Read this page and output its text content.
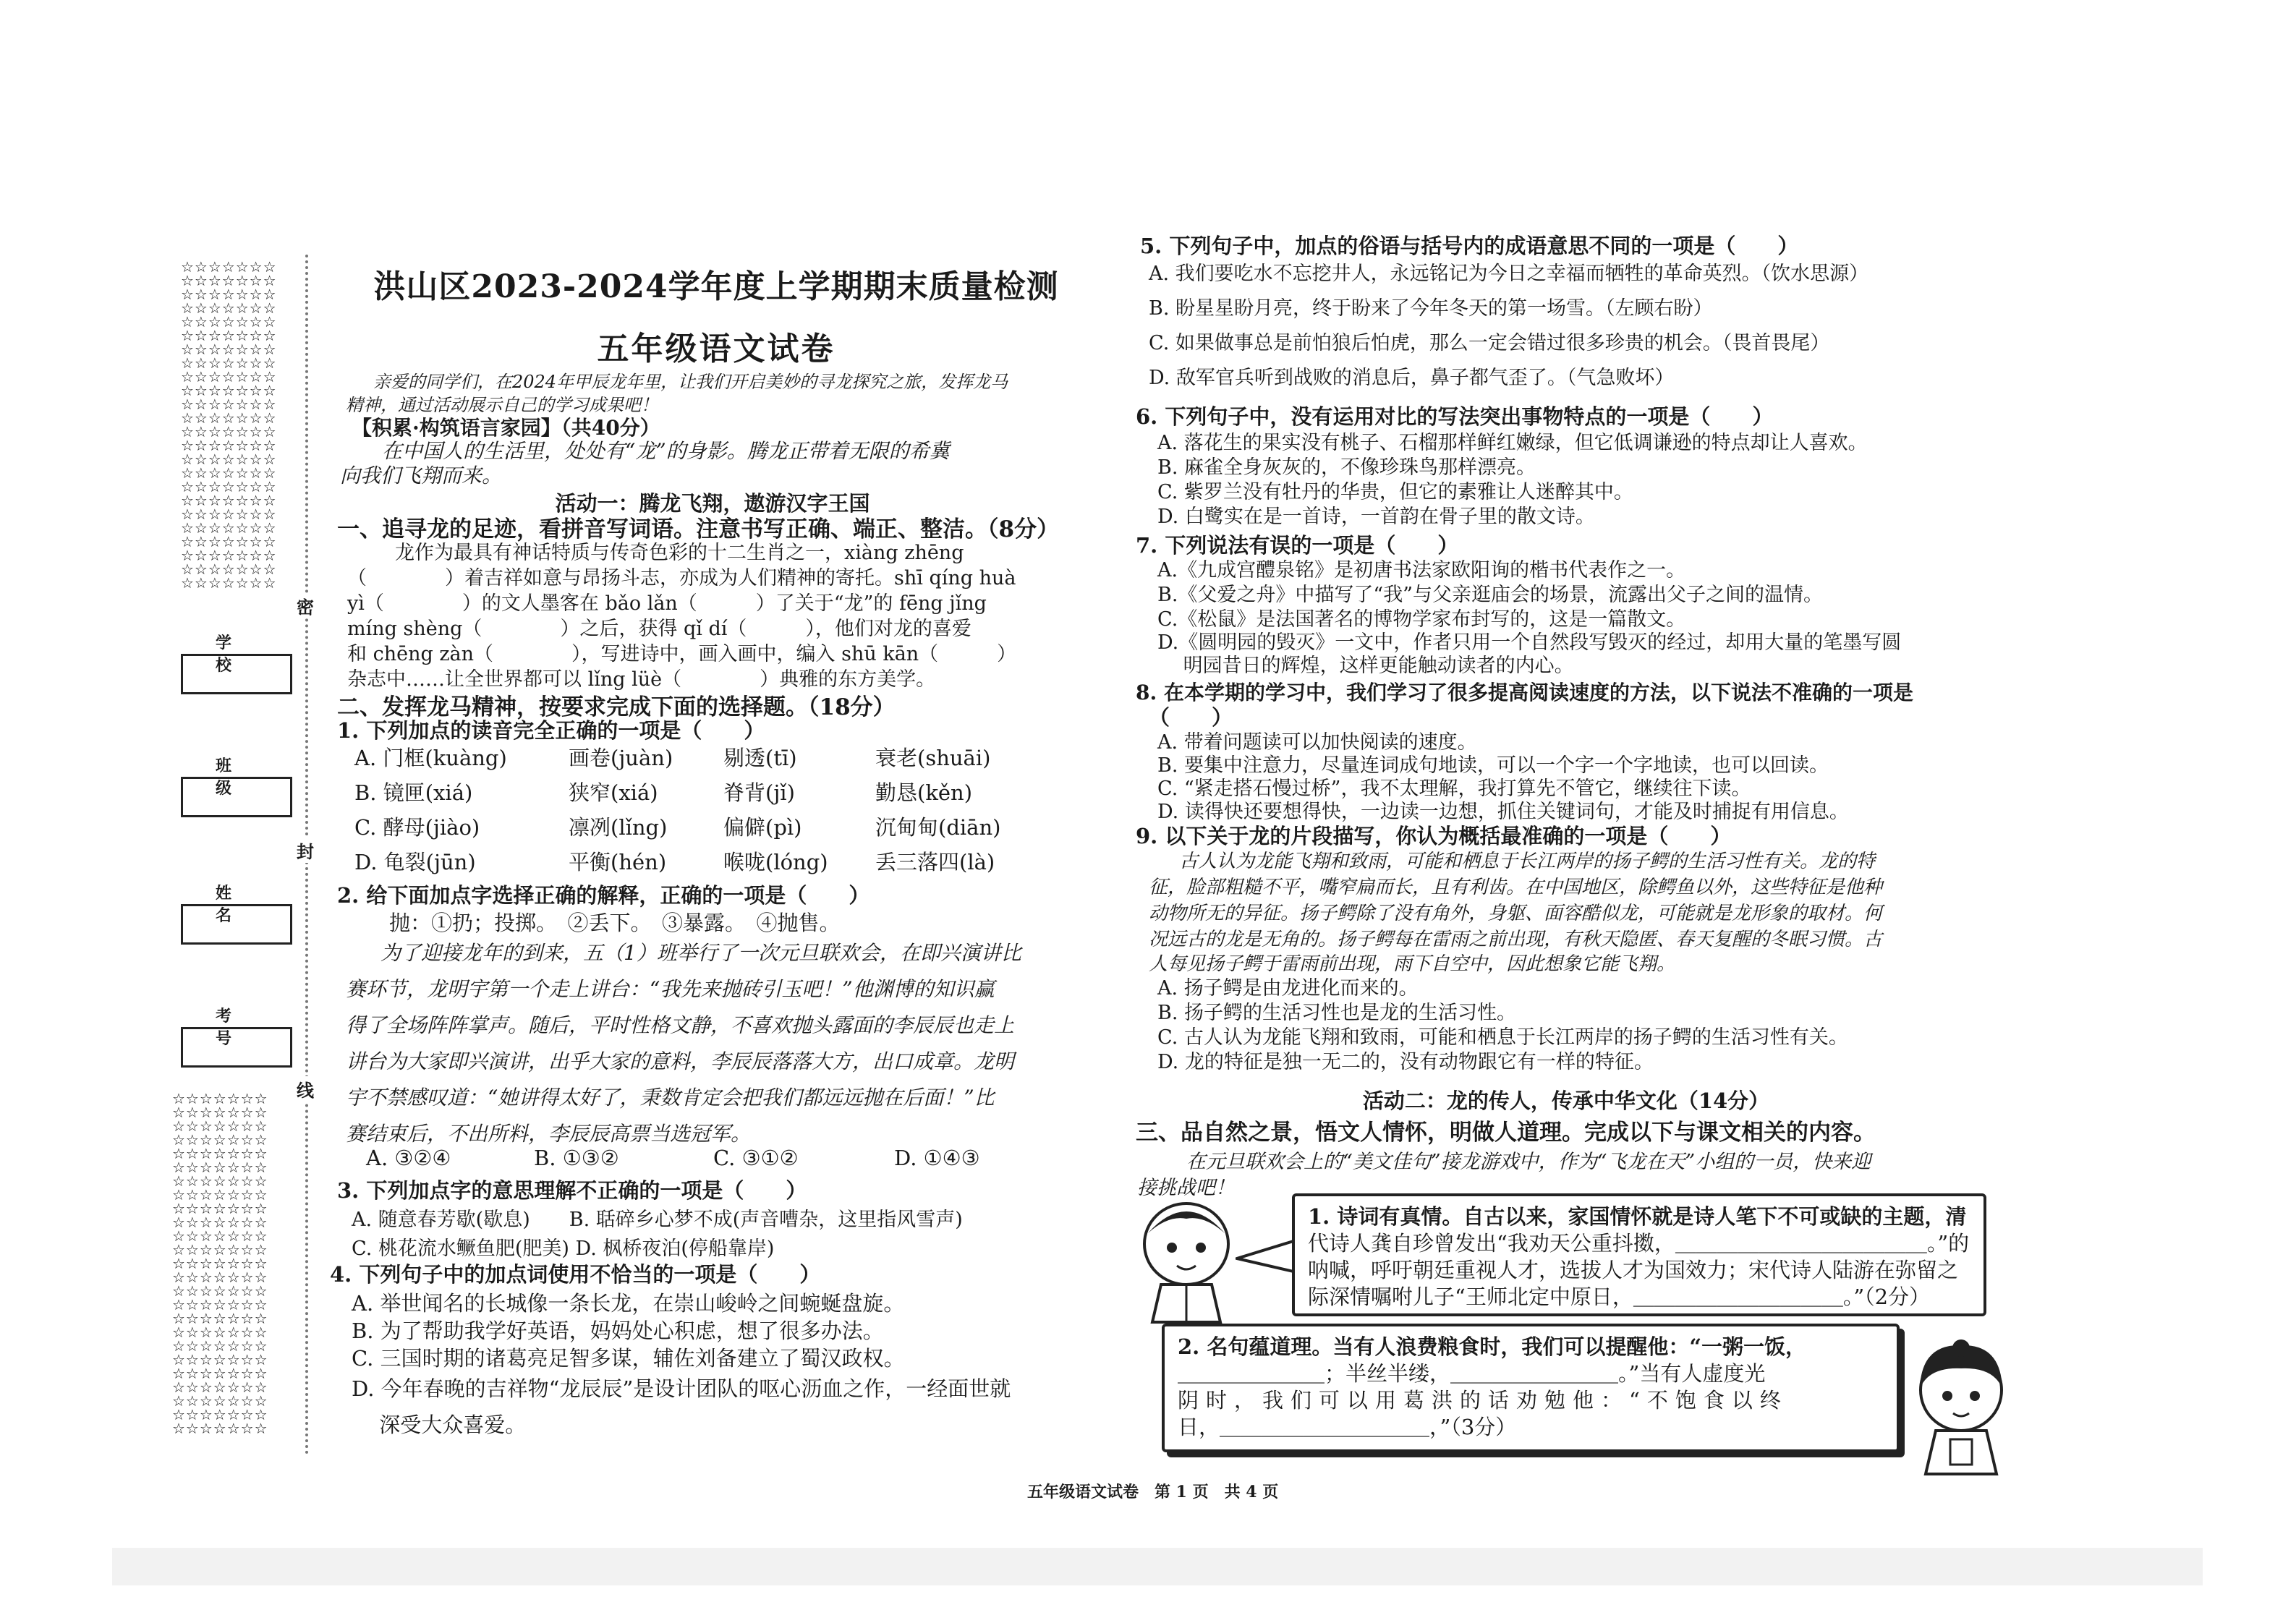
☆☆☆☆☆☆☆
☆☆☆☆☆☆☆
☆☆☆☆☆☆☆
☆☆☆☆☆☆☆
☆☆☆☆☆☆☆
☆☆☆☆☆☆☆
☆☆☆☆☆☆☆
☆☆☆☆☆☆☆
☆☆☆☆☆☆☆
☆☆☆☆☆☆☆
☆☆☆☆☆☆☆
☆☆☆☆☆☆☆
☆☆☆☆☆☆☆
☆☆☆☆☆☆☆
☆☆☆☆☆☆☆
☆☆☆☆☆☆☆
☆☆☆☆☆☆☆
☆☆☆☆☆☆☆
☆☆☆☆☆☆☆
☆☆☆☆☆☆☆
☆☆☆☆☆☆☆
☆☆☆☆☆☆☆
☆☆☆☆☆☆☆
☆☆☆☆☆☆☆
☆☆☆☆☆☆☆
☆☆☆☆☆☆☆
☆☆☆☆☆☆☆
☆☆☆☆☆☆☆
☆☆☆☆☆☆☆
☆☆☆☆☆☆☆
☆☆☆☆☆☆☆
☆☆☆☆☆☆☆
☆☆☆☆☆☆☆
☆☆☆☆☆☆☆
☆☆☆☆☆☆☆
☆☆☆☆☆☆☆
☆☆☆☆☆☆☆
☆☆☆☆☆☆☆
☆☆☆☆☆☆☆
☆☆☆☆☆☆☆
☆☆☆☆☆☆☆
☆☆☆☆☆☆☆
☆☆☆☆☆☆☆
☆☆☆☆☆☆☆
☆☆☆☆☆☆☆
☆☆☆☆☆☆☆
☆☆☆☆☆☆☆
☆☆☆☆☆☆☆
☆☆☆☆☆☆☆
密
封
线
学 校
班 级
姓 名
考 号
洪山区2023-2024学年度上学期期末质量检测
五年级语文试卷
亲爱的同学们，在2024年甲辰龙年里，让我们开启美妙的寻龙探究之旅，发挥龙马
精神，通过活动展示自己的学习成果吧！
【积累·构筑语言家园】（共40分）
在中国人的生活里，处处有“龙”的身影。腾龙正带着无限的希冀
向我们飞翔而来。
活动一：腾龙飞翔，遨游汉字王国
一、追寻龙的足迹，看拼音写词语。注意书写正确、端正、整洁。（8分）
龙作为最具有神话特质与传奇色彩的十二生肖之一，xiàng zhēng
（　　　　）着吉祥如意与昂扬斗志，亦成为人们精神的寄托。shī qíng huà
yì（　　　　）的文人墨客在 bǎo lǎn（　　　）了关于“龙”的 fēng jǐng
míng shèng（　　　　）之后，获得 qǐ dí（　　　），他们对龙的喜爱
和 chēng zàn（　　　　），写进诗中，画入画中，编入 shū kān（　　　）
杂志中……让全世界都可以 lǐng lüè（　　　　）典雅的东方美学。
二、发挥龙马精神，按要求完成下面的选择题。（18分）
1. 下列加点的读音完全正确的一项是（　　）
A. 门框(kuàng)	画卷(juàn) 剔透(tī)	衰老(shuāi)
B. 镜匣(xiá)	狭窄(xiá)	脊背(jǐ)	勤恳(kěn)
C. 酵母(jiào)	凛冽(lǐng)	偏僻(pì)	沉甸甸(diān)
D. 龟裂(jūn)	平衡(hén)	喉咙(lóng) 丢三落四(là)
2. 给下面加点字选择正确的解释，正确的一项是（　　）
抛：①扔；投掷。　②丢下。　③暴露。　④抛售。
为了迎接龙年的到来，五（1）班举行了一次元旦联欢会，在即兴演讲比
赛环节，龙明宇第一个走上讲台：“我先来抛砖引玉吧！”他渊博的知识赢
得了全场阵阵掌声。随后，平时性格文静，不喜欢抛头露面的李辰辰也走上
讲台为大家即兴演讲，出乎大家的意料，李辰辰落落大方，出口成章。龙明
宇不禁感叹道：“她讲得太好了，秉数肯定会把我们都远远抛在后面！”比
赛结束后，不出所料，李辰辰高票当选冠军。
A. ③②④	B. ①③②	C. ③①②	D. ①④③
3. 下列加点字的意思理解不正确的一项是（　　）
A. 随意春芳歇(歇息)　　B. 聒碎乡心梦不成(声音嘈杂，这里指风雪声)
C. 桃花流水鳜鱼肥(肥美) D. 枫桥夜泊(停船靠岸)
4. 下列句子中的加点词使用不恰当的一项是（　　）
A. 举世闻名的长城像一条长龙，在崇山峻岭之间蜿蜒盘旋。
B. 为了帮助我学好英语，妈妈处心积虑，想了很多办法。
C. 三国时期的诸葛亮足智多谋，辅佐刘备建立了蜀汉政权。
D. 今年春晚的吉祥物“龙辰辰”是设计团队的呕心沥血之作，一经面世就
　 深受大众喜爱。
5. 下列句子中，加点的俗语与括号内的成语意思不同的一项是（　　）
A. 我们要吃水不忘挖井人，永远铭记为今日之幸福而牺牲的革命英烈。（饮水思源）
B. 盼星星盼月亮，终于盼来了今年冬天的第一场雪。（左顾右盼）
C. 如果做事总是前怕狼后怕虎，那么一定会错过很多珍贵的机会。（畏首畏尾）
D. 敌军官兵听到战败的消息后，鼻子都气歪了。（气急败坏）
6. 下列句子中，没有运用对比的写法突出事物特点的一项是（　　）
A. 落花生的果实没有桃子、石榴那样鲜红嫩绿，但它低调谦逊的特点却让人喜欢。
B. 麻雀全身灰灰的，不像珍珠鸟那样漂亮。
C. 紫罗兰没有牡丹的华贵，但它的素雅让人迷醉其中。
D. 白鹭实在是一首诗，一首韵在骨子里的散文诗。
7. 下列说法有误的一项是（　　）
A.《九成宫醴泉铭》是初唐书法家欧阳询的楷书代表作之一。
B.《父爱之舟》中描写了“我”与父亲逛庙会的场景，流露出父子之间的温情。
C.《松鼠》是法国著名的博物学家布封写的，这是一篇散文。
D.《圆明园的毁灭》一文中，作者只用一个自然段写毁灭的经过，却用大量的笔墨写圆
　 明园昔日的辉煌，这样更能触动读者的内心。
8. 在本学期的学习中，我们学习了很多提高阅读速度的方法，以下说法不准确的一项是
（　　）
A. 带着问题读可以加快阅读的速度。
B. 要集中注意力，尽量连词成句地读，可以一个字一个字地读，也可以回读。
C. “紧走搭石慢过桥”，我不太理解，我打算先不管它，继续往下读。
D. 读得快还要想得快，一边读一边想，抓住关键词句，才能及时捕捉有用信息。
9. 以下关于龙的片段描写，你认为概括最准确的一项是（　　）
古人认为龙能飞翔和致雨，可能和栖息于长江两岸的扬子鳄的生活习性有关。龙的特
征，脸部粗糙不平，嘴窄扁而长，且有利齿。在中国地区，除鳄鱼以外，这些特征是他种
动物所无的异征。扬子鳄除了没有角外，身躯、面容酷似龙，可能就是龙形象的取材。何
况远古的龙是无角的。扬子鳄每在雷雨之前出现，有秋天隐匿、春天复醒的冬眠习惯。古
人每见扬子鳄于雷雨前出现，雨下自空中，因此想象它能飞翔。
A. 扬子鳄是由龙进化而来的。
B. 扬子鳄的生活习性也是龙的生活习性。
C. 古人认为龙能飞翔和致雨，可能和栖息于长江两岸的扬子鳄的生活习性有关。
D. 龙的特征是独一无二的，没有动物跟它有一样的特征。
活动二：龙的传人，传承中华文化（14分）
三、品自然之景，悟文人情怀，明做人道理。完成以下与课文相关的内容。
在元旦联欢会上的“美文佳句”接龙游戏中，作为“飞龙在天”小组的一员，快来迎
接挑战吧！
1. 诗词有真情。自古以来，家国情怀就是诗人笔下不可或缺的主题，清
代诗人龚自珍曾发出“我劝天公重抖擞，＿＿＿＿＿＿＿＿＿＿＿＿。”的
呐喊，呼吁朝廷重视人才，选拔人才为国效力；宋代诗人陆游在弥留之
际深情嘱咐儿子“王师北定中原日，＿＿＿＿＿＿＿＿＿＿。”（2分）
2. 名句蕴道理。当有人浪费粮食时，我们可以提醒他：“一粥一饭，
＿＿＿＿＿＿＿；半丝半缕，＿＿＿＿＿＿＿＿。”当有人虚度光
阴时，我们可以用葛洪的话劝勉他：“不饱食以终
日，＿＿＿＿＿＿＿＿＿＿，”（3分）
五年级语文试卷　第 1 页　共 4 页
